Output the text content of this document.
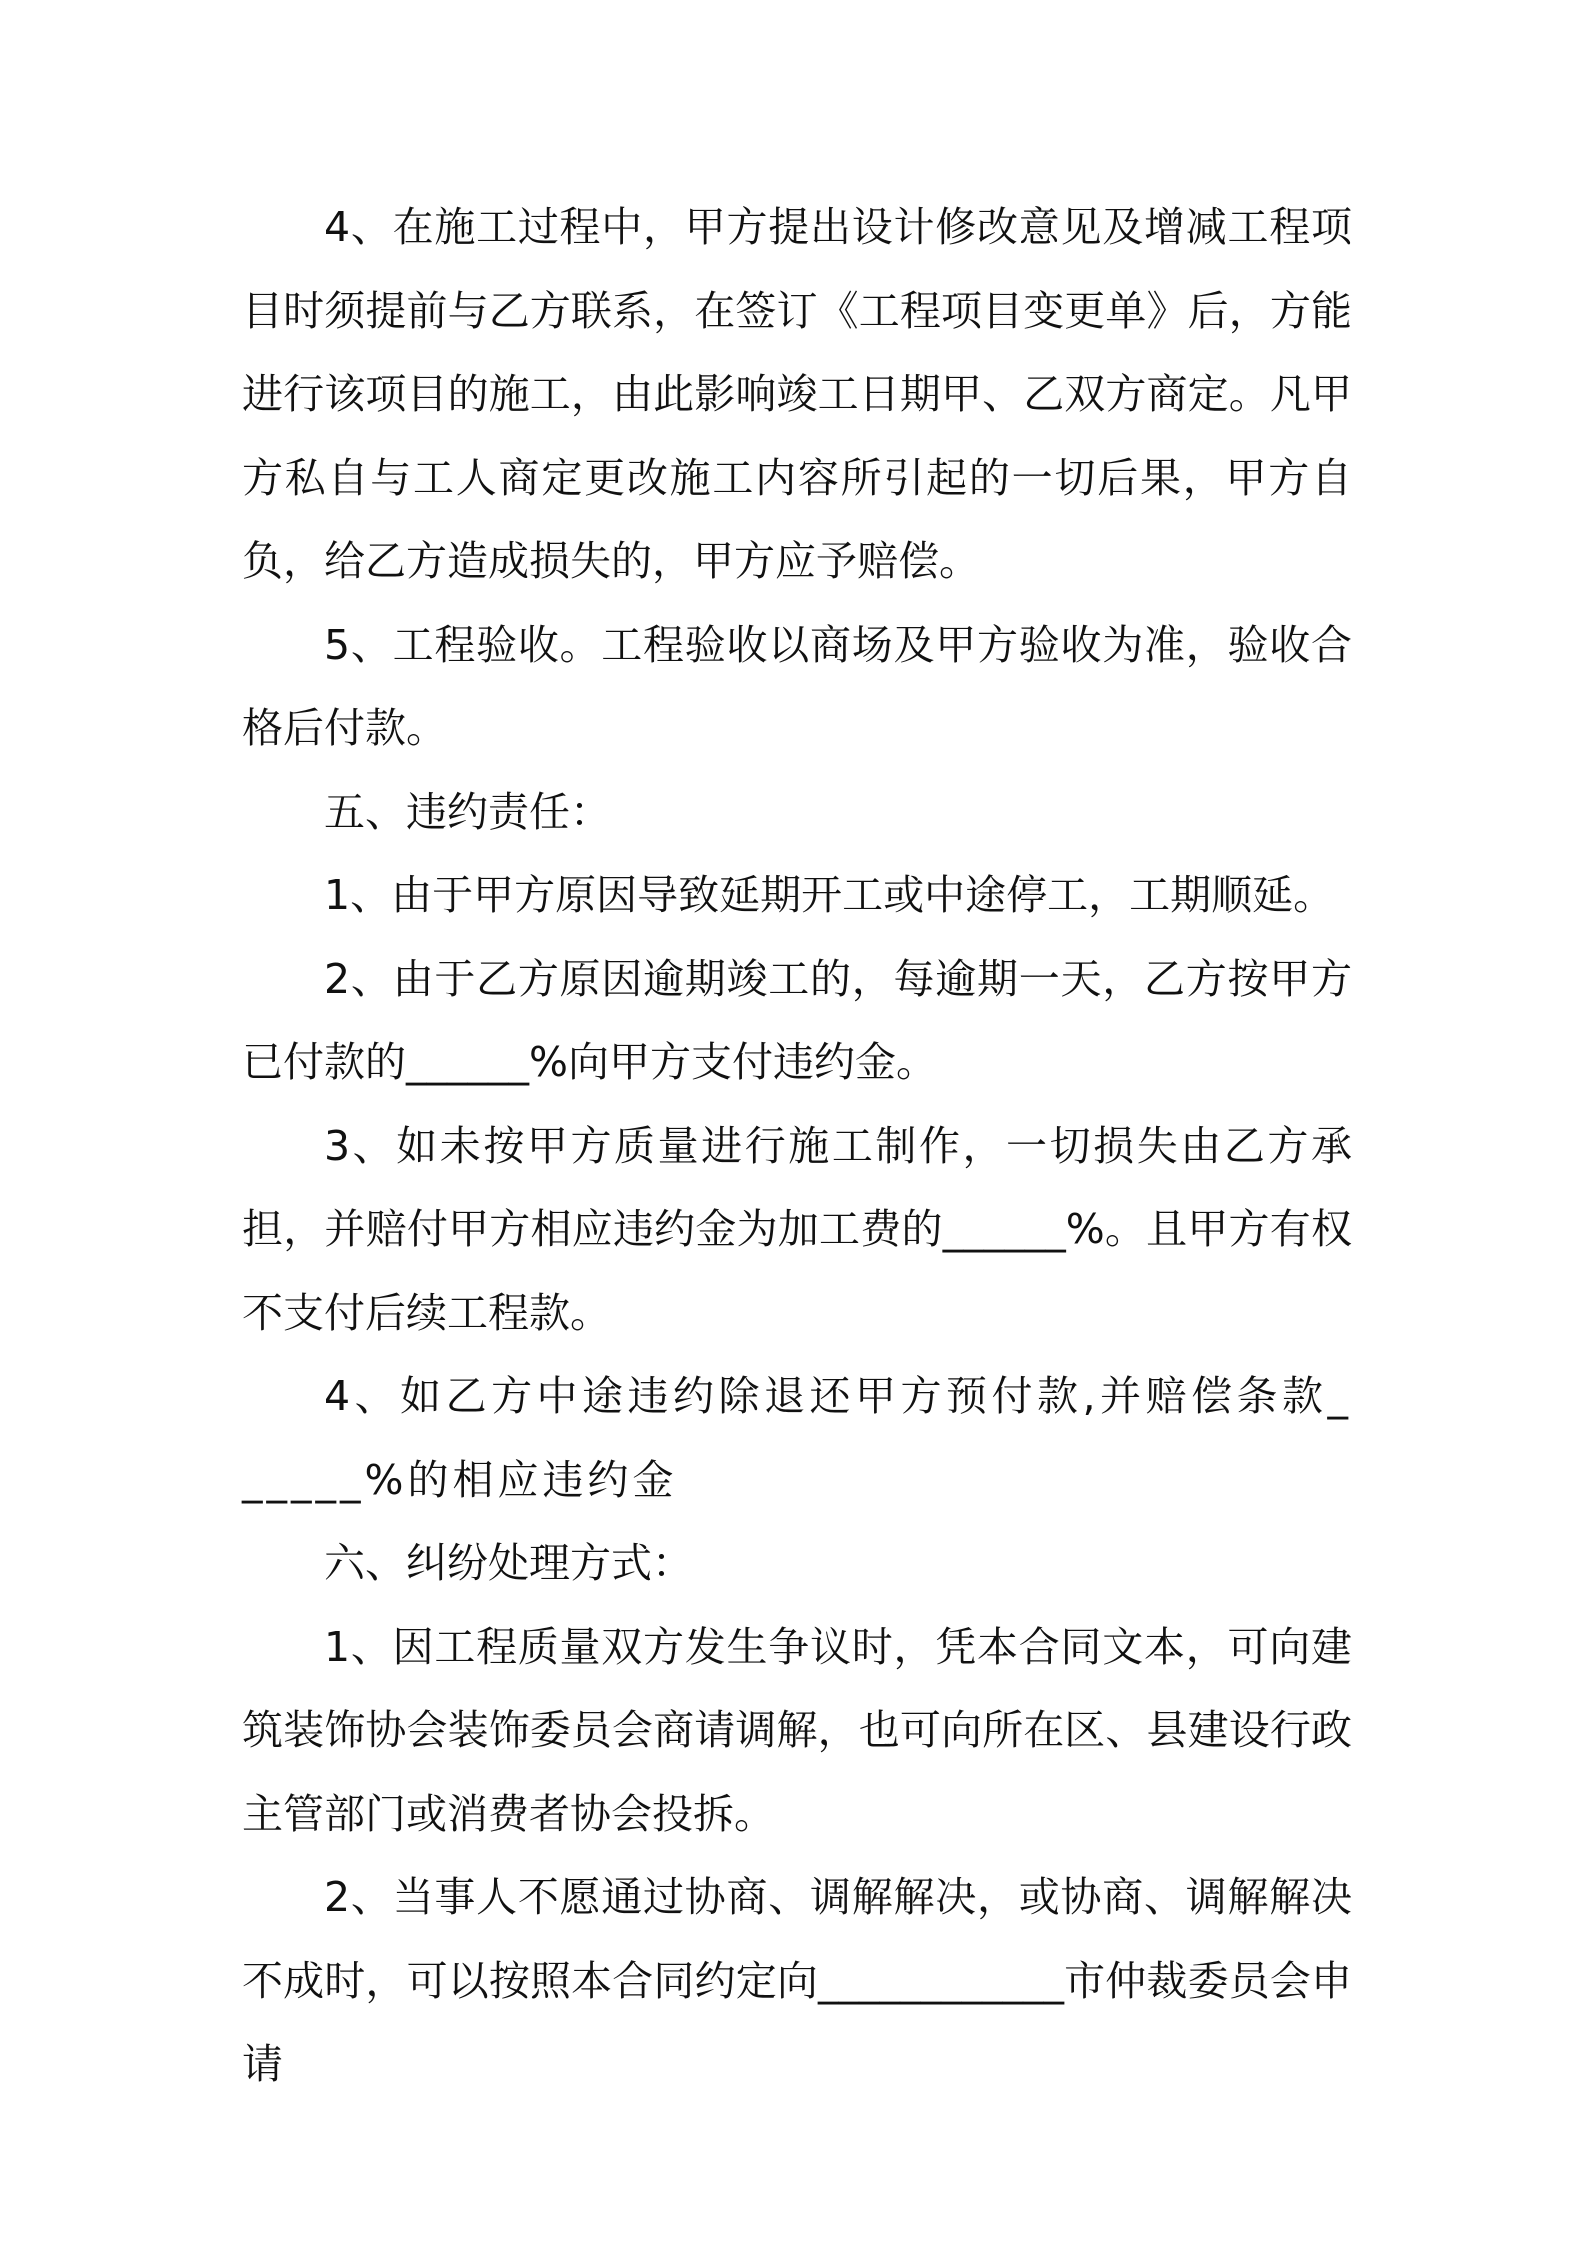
4、在施工过程中，甲方提出设计修改意见及增减工程项目时须提前与乙方联系，在签订《工程项目变更单》后，方能进行该项目的施工，由此影响竣工日期甲、乙双方商定。凡甲方私自与工人商定更改施工内容所引起的一切后果，甲方自负，给乙方造成损失的，甲方应予赔偿。

5、工程验收。工程验收以商场及甲方验收为准，验收合格后付款。

五、违约责任：

1、由于甲方原因导致延期开工或中途停工，工期顺延。

2、由于乙方原因逾期竣工的，每逾期一天，乙方按甲方已付款的______%向甲方支付违约金。

3、如未按甲方质量进行施工制作，一切损失由乙方承担，并赔付甲方相应违约金为加工费的______%。且甲方有权不支付后续工程款。

4、如乙方中途违约除退还甲方预付款,并赔偿条款______%的相应违约金

六、纠纷处理方式：

1、因工程质量双方发生争议时，凭本合同文本，可向建筑装饰协会装饰委员会商请调解，也可向所在区、县建设行政主管部门或消费者协会投拆。

2、当事人不愿通过协商、调解解决，或协商、调解解决不成时，可以按照本合同约定向____________市仲裁委员会申请
